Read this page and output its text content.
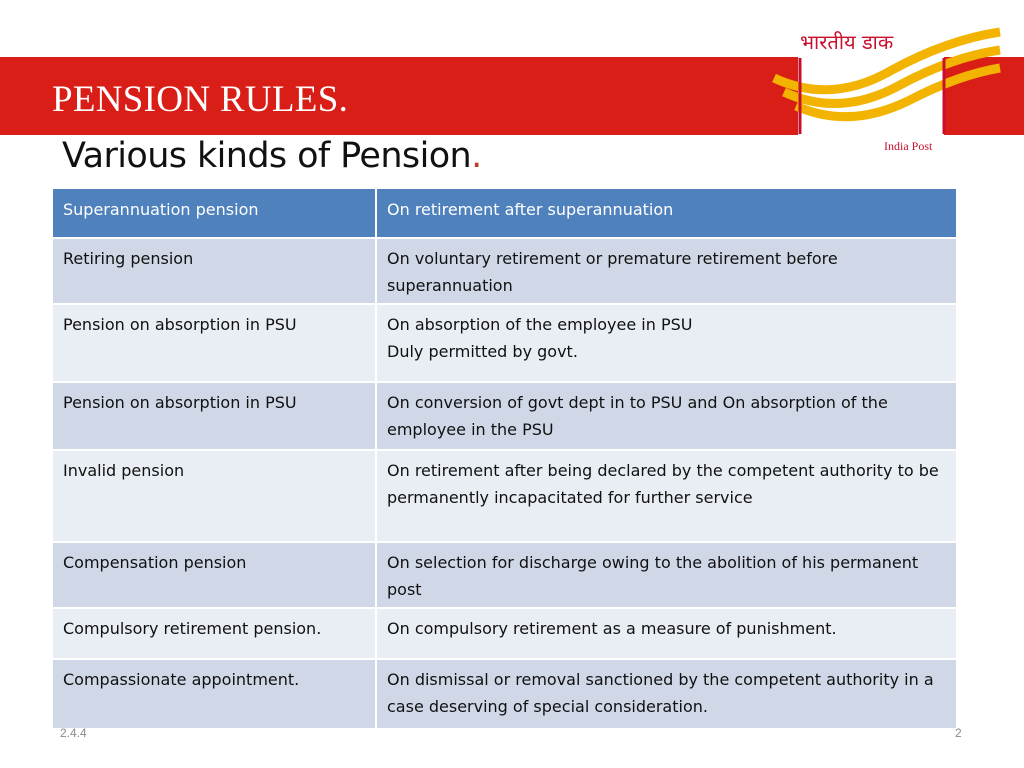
PENSION RULES.
भारतीय डाक
India Post
Various kinds of Pension.
Superannuation pension	On retirement after superannuation
Retiring pension	On voluntary retirement or premature retirement before superannuation
Pension on absorption in PSU	On absorption of the employee in PSU
Duly permitted by govt.
Pension on absorption in PSU	On conversion of govt dept in to PSU and On absorption of the employee in the PSU
Invalid pension	On retirement after being declared by the competent authority to be permanently incapacitated for further service
Compensation pension	On selection for discharge owing to the abolition of his permanent post
Compulsory retirement pension.	On compulsory retirement as a measure of punishment.
Compassionate appointment.	On dismissal or removal sanctioned by the competent authority in a case deserving of special consideration.
2.4.4	2
